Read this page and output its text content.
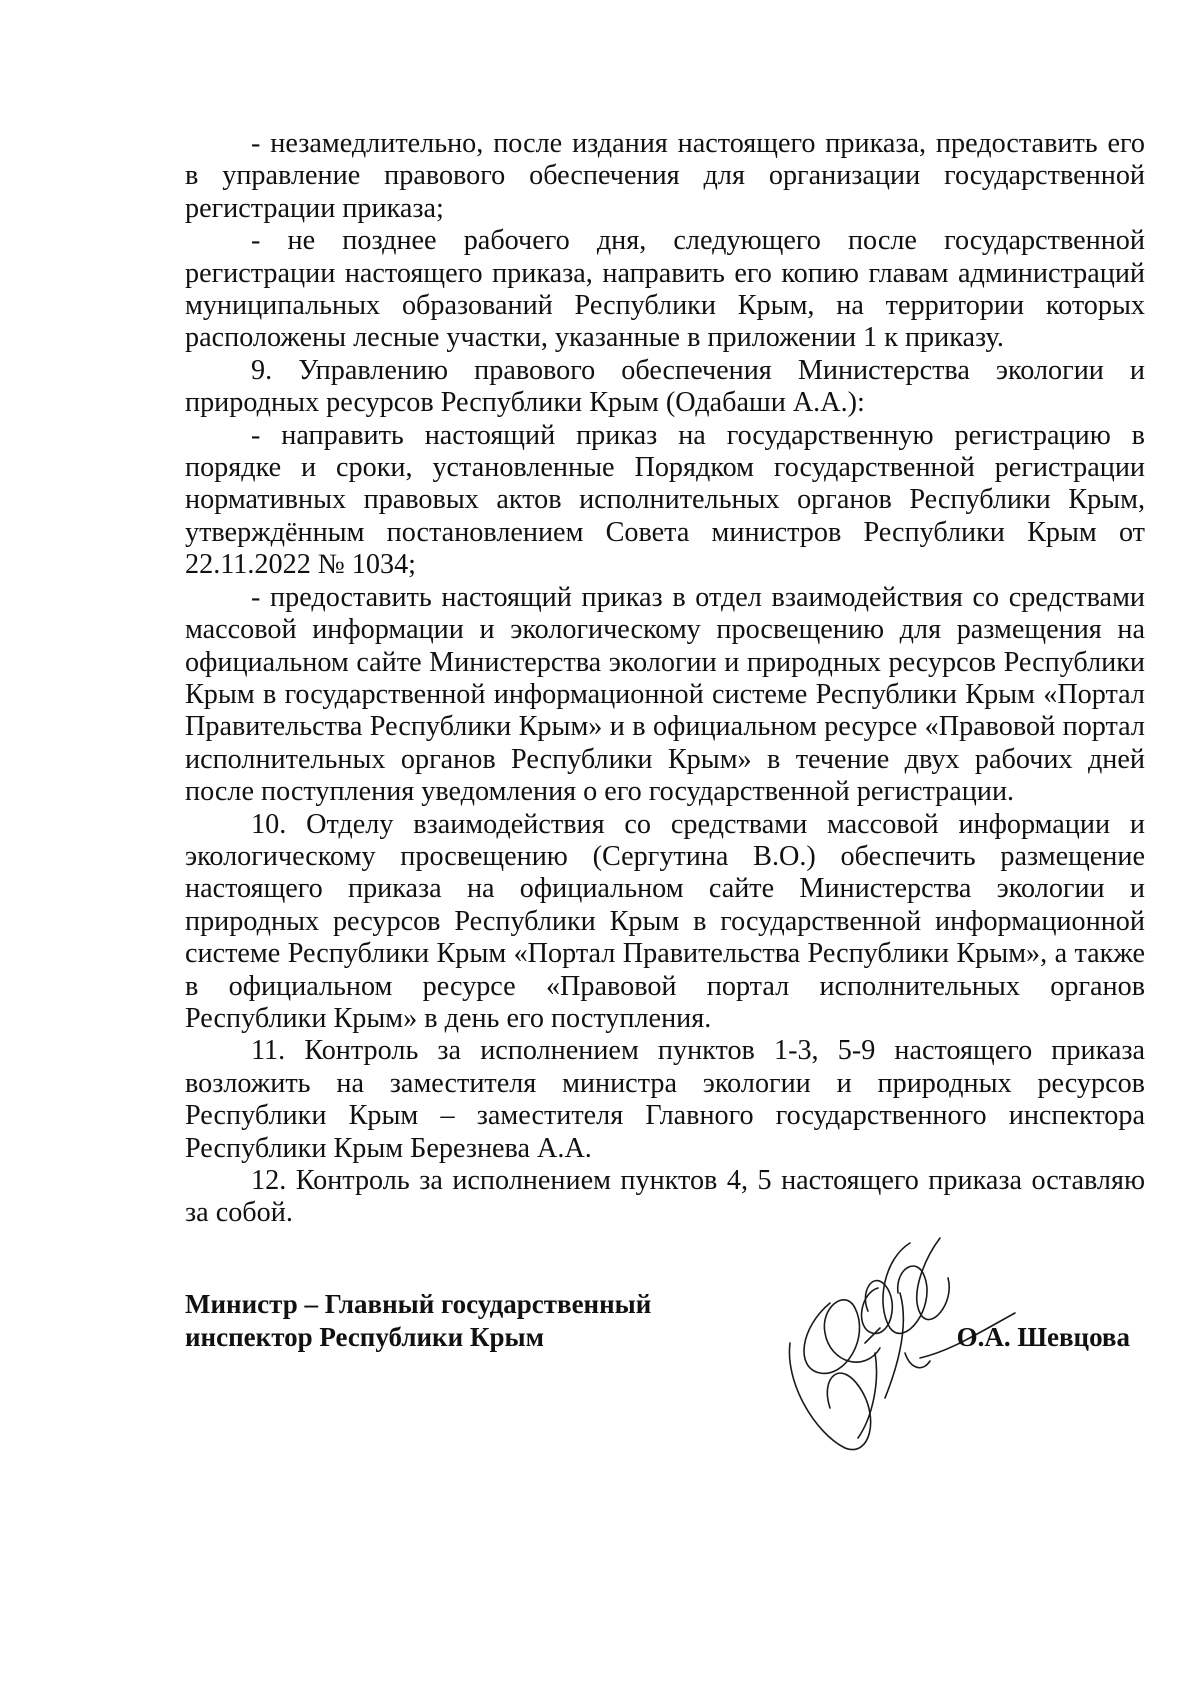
- незамедлительно, после издания настоящего приказа, предоставить его в управление правового обеспечения для организации государственной регистрации приказа;

- не позднее рабочего дня, следующего после государственной регистрации настоящего приказа, направить его копию главам администраций муниципальных образований Республики Крым, на территории которых расположены лесные участки, указанные в приложении 1 к приказу.

9. Управлению правового обеспечения Министерства экологии и природных ресурсов Республики Крым (Одабаши А.А.):

- направить настоящий приказ на государственную регистрацию в порядке и сроки, установленные Порядком государственной регистрации нормативных правовых актов исполнительных органов Республики Крым, утверждённым постановлением Совета министров Республики Крым от 22.11.2022 № 1034;

- предоставить настоящий приказ в отдел взаимодействия со средствами массовой информации и экологическому просвещению для размещения на официальном сайте Министерства экологии и природных ресурсов Республики Крым в государственной информационной системе Республики Крым «Портал Правительства Республики Крым» и в официальном ресурсе «Правовой портал исполнительных органов Республики Крым» в течение двух рабочих дней после поступления уведомления о его государственной регистрации.

10. Отделу взаимодействия со средствами массовой информации и экологическому просвещению (Сергутина В.О.) обеспечить размещение настоящего приказа на официальном сайте Министерства экологии и природных ресурсов Республики Крым в государственной информационной системе Республики Крым «Портал Правительства Республики Крым», а также в официальном ресурсе «Правовой портал исполнительных органов Республики Крым» в день его поступления.

11. Контроль за исполнением пунктов 1-3, 5-9 настоящего приказа возложить на заместителя министра экологии и природных ресурсов Республики Крым – заместителя Главного государственного инспектора Республики Крым Березнева А.А.

12. Контроль за исполнением пунктов 4, 5 настоящего приказа оставляю за собой.

Министр – Главный государственный
инспектор Республики Крым	О.А. Шевцова
